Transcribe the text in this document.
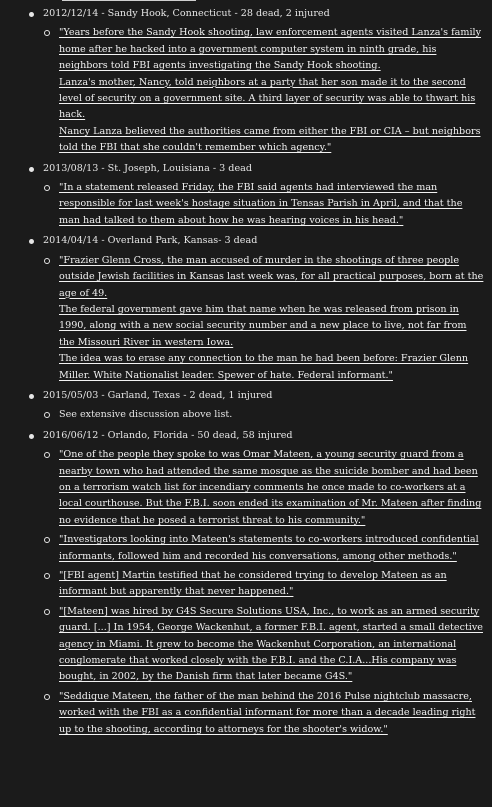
2012/12/14 - Sandy Hook, Connecticut - 28 dead, 2 injured
"Years before the Sandy Hook shooting, law enforcement agents visited Lanza's family home after he hacked into a government computer system in ninth grade, his neighbors told FBI agents investigating the Sandy Hook shooting.
Lanza's mother, Nancy, told neighbors at a party that her son made it to the second level of security on a government site. A third layer of security was able to thwart his hack.
Nancy Lanza believed the authorities came from either the FBI or CIA – but neighbors told the FBI that she couldn't remember which agency."
2013/08/13 - St. Joseph, Louisiana - 3 dead
"In a statement released Friday, the FBI said agents had interviewed the man responsible for last week's hostage situation in Tensas Parish in April, and that the man had talked to them about how he was hearing voices in his head."
2014/04/14 - Overland Park, Kansas- 3 dead
"Frazier Glenn Cross, the man accused of murder in the shootings of three people outside Jewish facilities in Kansas last week was, for all practical purposes, born at the age of 49.
The federal government gave him that name when he was released from prison in 1990, along with a new social security number and a new place to live, not far from the Missouri River in western Iowa.
The idea was to erase any connection to the man he had been before: Frazier Glenn Miller. White Nationalist leader. Spewer of hate. Federal informant."
2015/05/03 - Garland, Texas - 2 dead, 1 injured
See extensive discussion above list.
2016/06/12 - Orlando, Florida - 50 dead, 58 injured
"One of the people they spoke to was Omar Mateen, a young security guard from a nearby town who had attended the same mosque as the suicide bomber and had been on a terrorism watch list for incendiary comments he once made to co-workers at a local courthouse. But the F.B.I. soon ended its examination of Mr. Mateen after finding no evidence that he posed a terrorist threat to his community."
"Investigators looking into Mateen's statements to co-workers introduced confidential informants, followed him and recorded his conversations, among other methods."
"[FBI agent] Martin testified that he considered trying to develop Mateen as an informant but apparently that never happened."
"[Mateen] was hired by G4S Secure Solutions USA, Inc., to work as an armed security guard. [...] In 1954, George Wackenhut, a former F.B.I. agent, started a small detective agency in Miami. It grew to become the Wackenhut Corporation, an international conglomerate that worked closely with the F.B.I. and the C.I.A...His company was bought, in 2002, by the Danish firm that later became G4S."
"Seddique Mateen, the father of the man behind the 2016 Pulse nightclub massacre, worked with the FBI as a confidential informant for more than a decade leading right up to the shooting, according to attorneys for the shooter's widow."
